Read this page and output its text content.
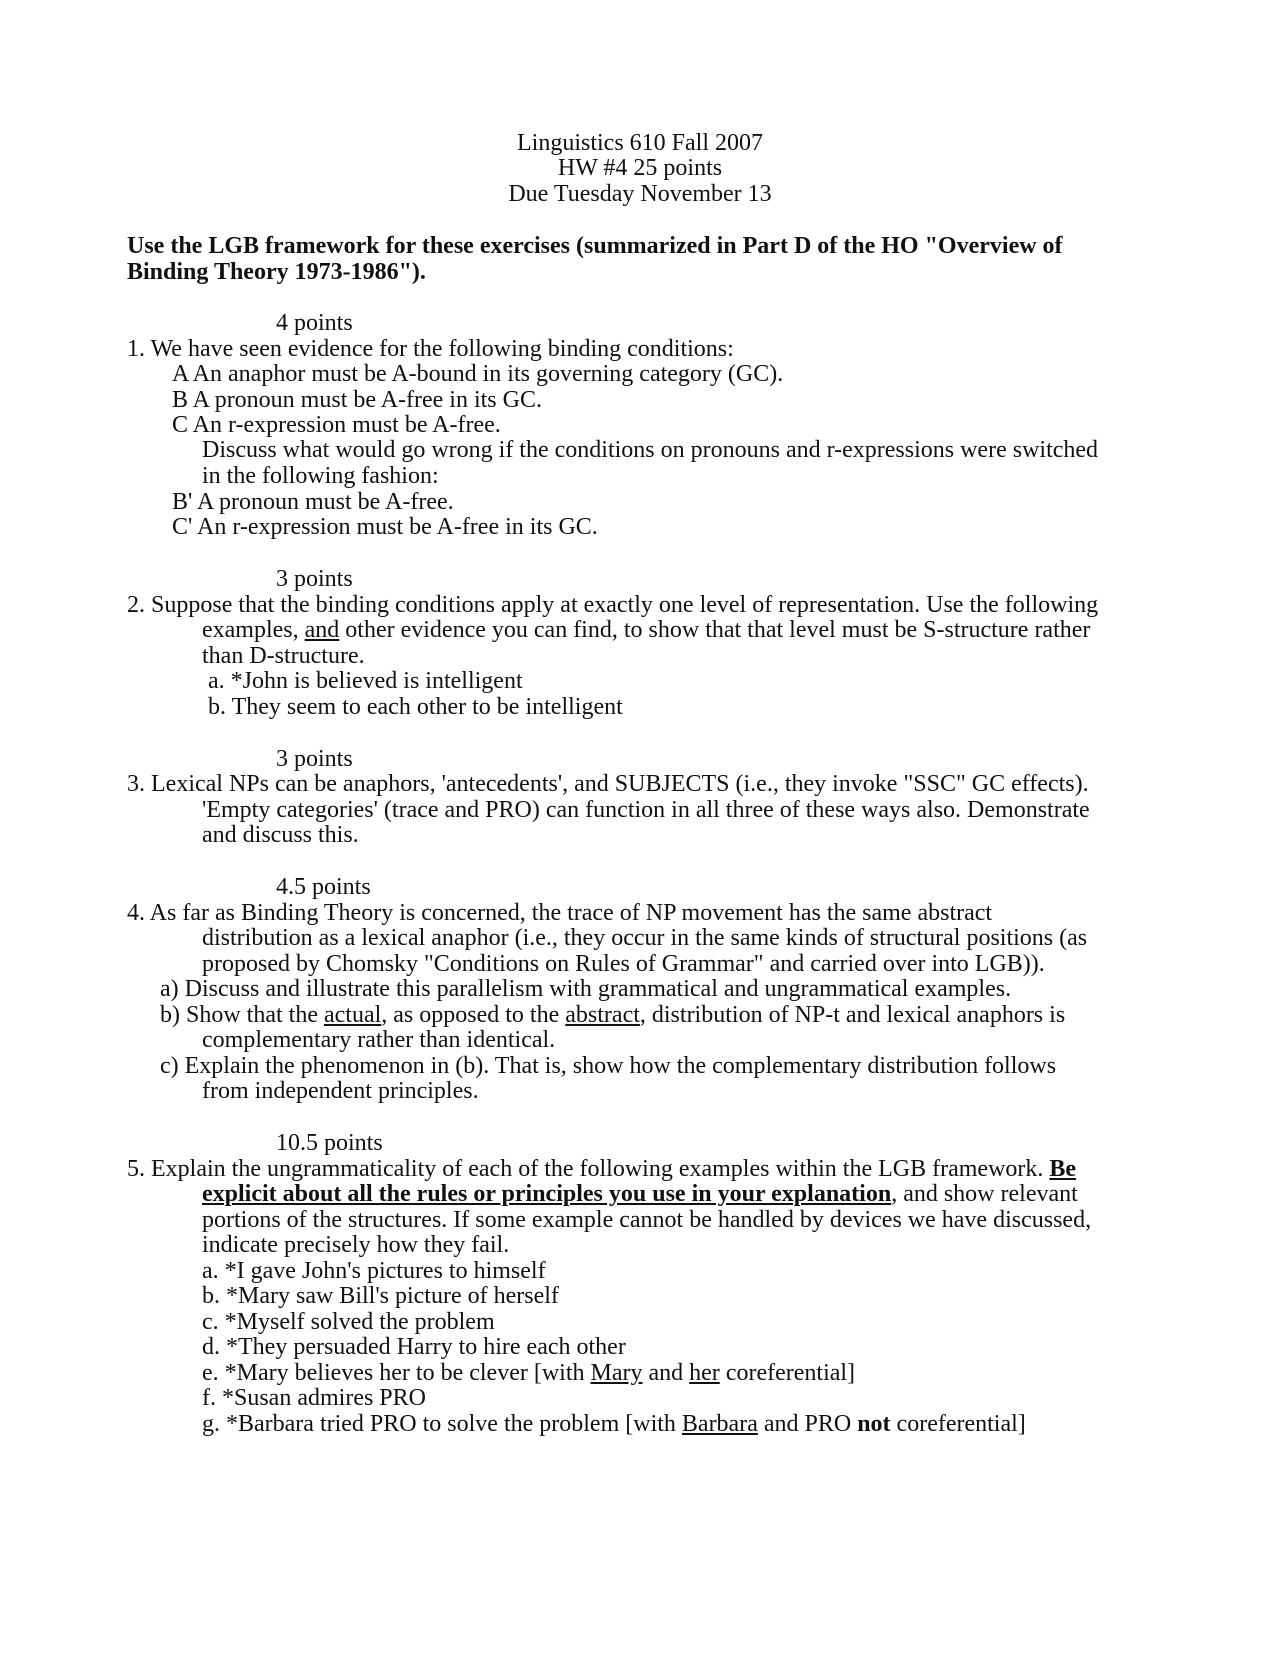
Linguistics 610 Fall 2007
HW #4 25 points
Due Tuesday November 13
Use the LGB framework for these exercises (summarized in Part D of the HO "Overview of
Binding Theory 1973-1986").
4 points
1. We have seen evidence for the following binding conditions:
A An anaphor must be A-bound in its governing category (GC).
B A pronoun must be A-free in its GC.
C An r-expression must be A-free.
Discuss what would go wrong if the conditions on pronouns and r-expressions were switched
in the following fashion:
B' A pronoun must be A-free.
C' An r-expression must be A-free in its GC.
3 points
2. Suppose that the binding conditions apply at exactly one level of representation. Use the following
examples, and other evidence you can find, to show that that level must be S-structure rather
than D-structure.
a. *John is believed is intelligent
b. They seem to each other to be intelligent
3 points
3. Lexical NPs can be anaphors, 'antecedents', and SUBJECTS (i.e., they invoke "SSC" GC effects).
'Empty categories' (trace and PRO) can function in all three of these ways also. Demonstrate
and discuss this.
4.5 points
4. As far as Binding Theory is concerned, the trace of NP movement has the same abstract
distribution as a lexical anaphor (i.e., they occur in the same kinds of structural positions (as
proposed by Chomsky "Conditions on Rules of Grammar" and carried over into LGB)).
a) Discuss and illustrate this parallelism with grammatical and ungrammatical examples.
b) Show that the actual, as opposed to the abstract, distribution of NP-t and lexical anaphors is
complementary rather than identical.
c) Explain the phenomenon in (b). That is, show how the complementary distribution follows
from independent principles.
10.5 points
5. Explain the ungrammaticality of each of the following examples within the LGB framework. Be
explicit about all the rules or principles you use in your explanation, and show relevant
portions of the structures. If some example cannot be handled by devices we have discussed,
indicate precisely how they fail.
a. *I gave John's pictures to himself
b. *Mary saw Bill's picture of herself
c. *Myself solved the problem
d. *They persuaded Harry to hire each other
e. *Mary believes her to be clever [with Mary and her coreferential]
f. *Susan admires PRO
g. *Barbara tried PRO to solve the problem [with Barbara and PRO not coreferential]
